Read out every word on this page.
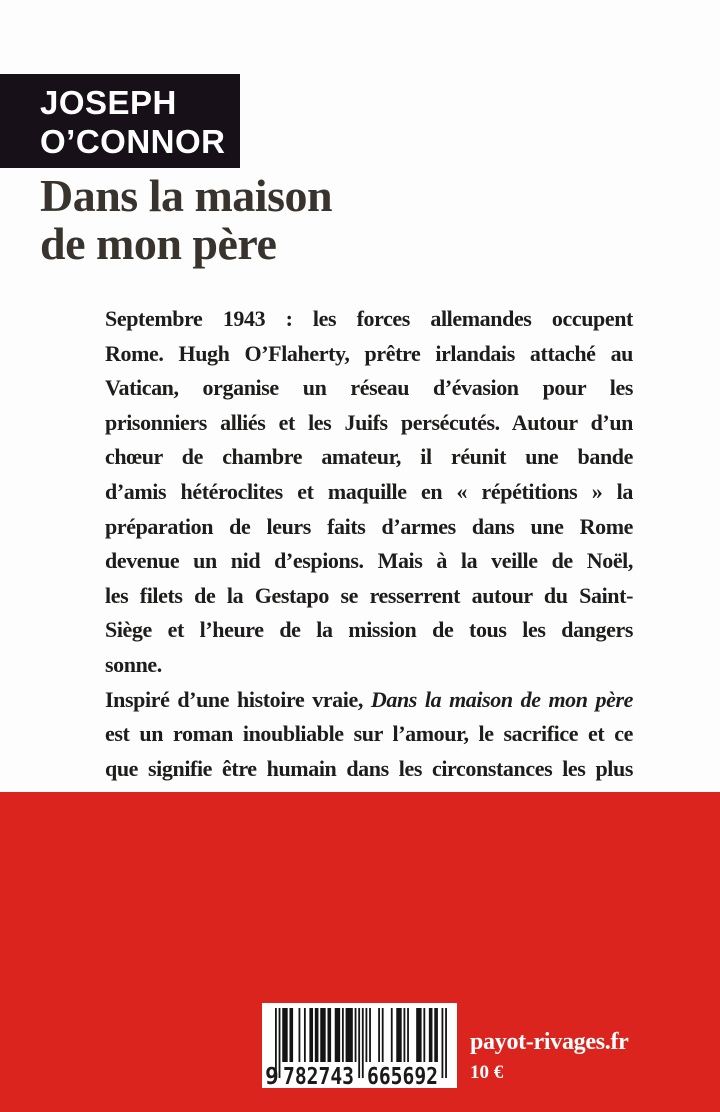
JOSEPH
O’CONNOR
Dans la maison
de mon père
Septembre 1943 : les forces allemandes occupent
Rome. Hugh O’Flaherty, prêtre irlandais attaché au
Vatican, organise un réseau d’évasion pour les
prisonniers alliés et les Juifs persécutés. Autour d’un
chœur de chambre amateur, il réunit une bande
d’amis hétéroclites et maquille en « répétitions » la
préparation de leurs faits d’armes dans une Rome
devenue un nid d’espions. Mais à la veille de Noël,
les filets de la Gestapo se resserrent autour du Saint-
Siège et l’heure de la mission de tous les dangers
sonne.
Inspiré d’une histoire vraie, Dans la maison de mon père
est un roman inoubliable sur l’amour, le sacrifice et ce
que signifie être humain dans les circonstances les plus
9 782743 665692
payot-rivages.fr
10 €
